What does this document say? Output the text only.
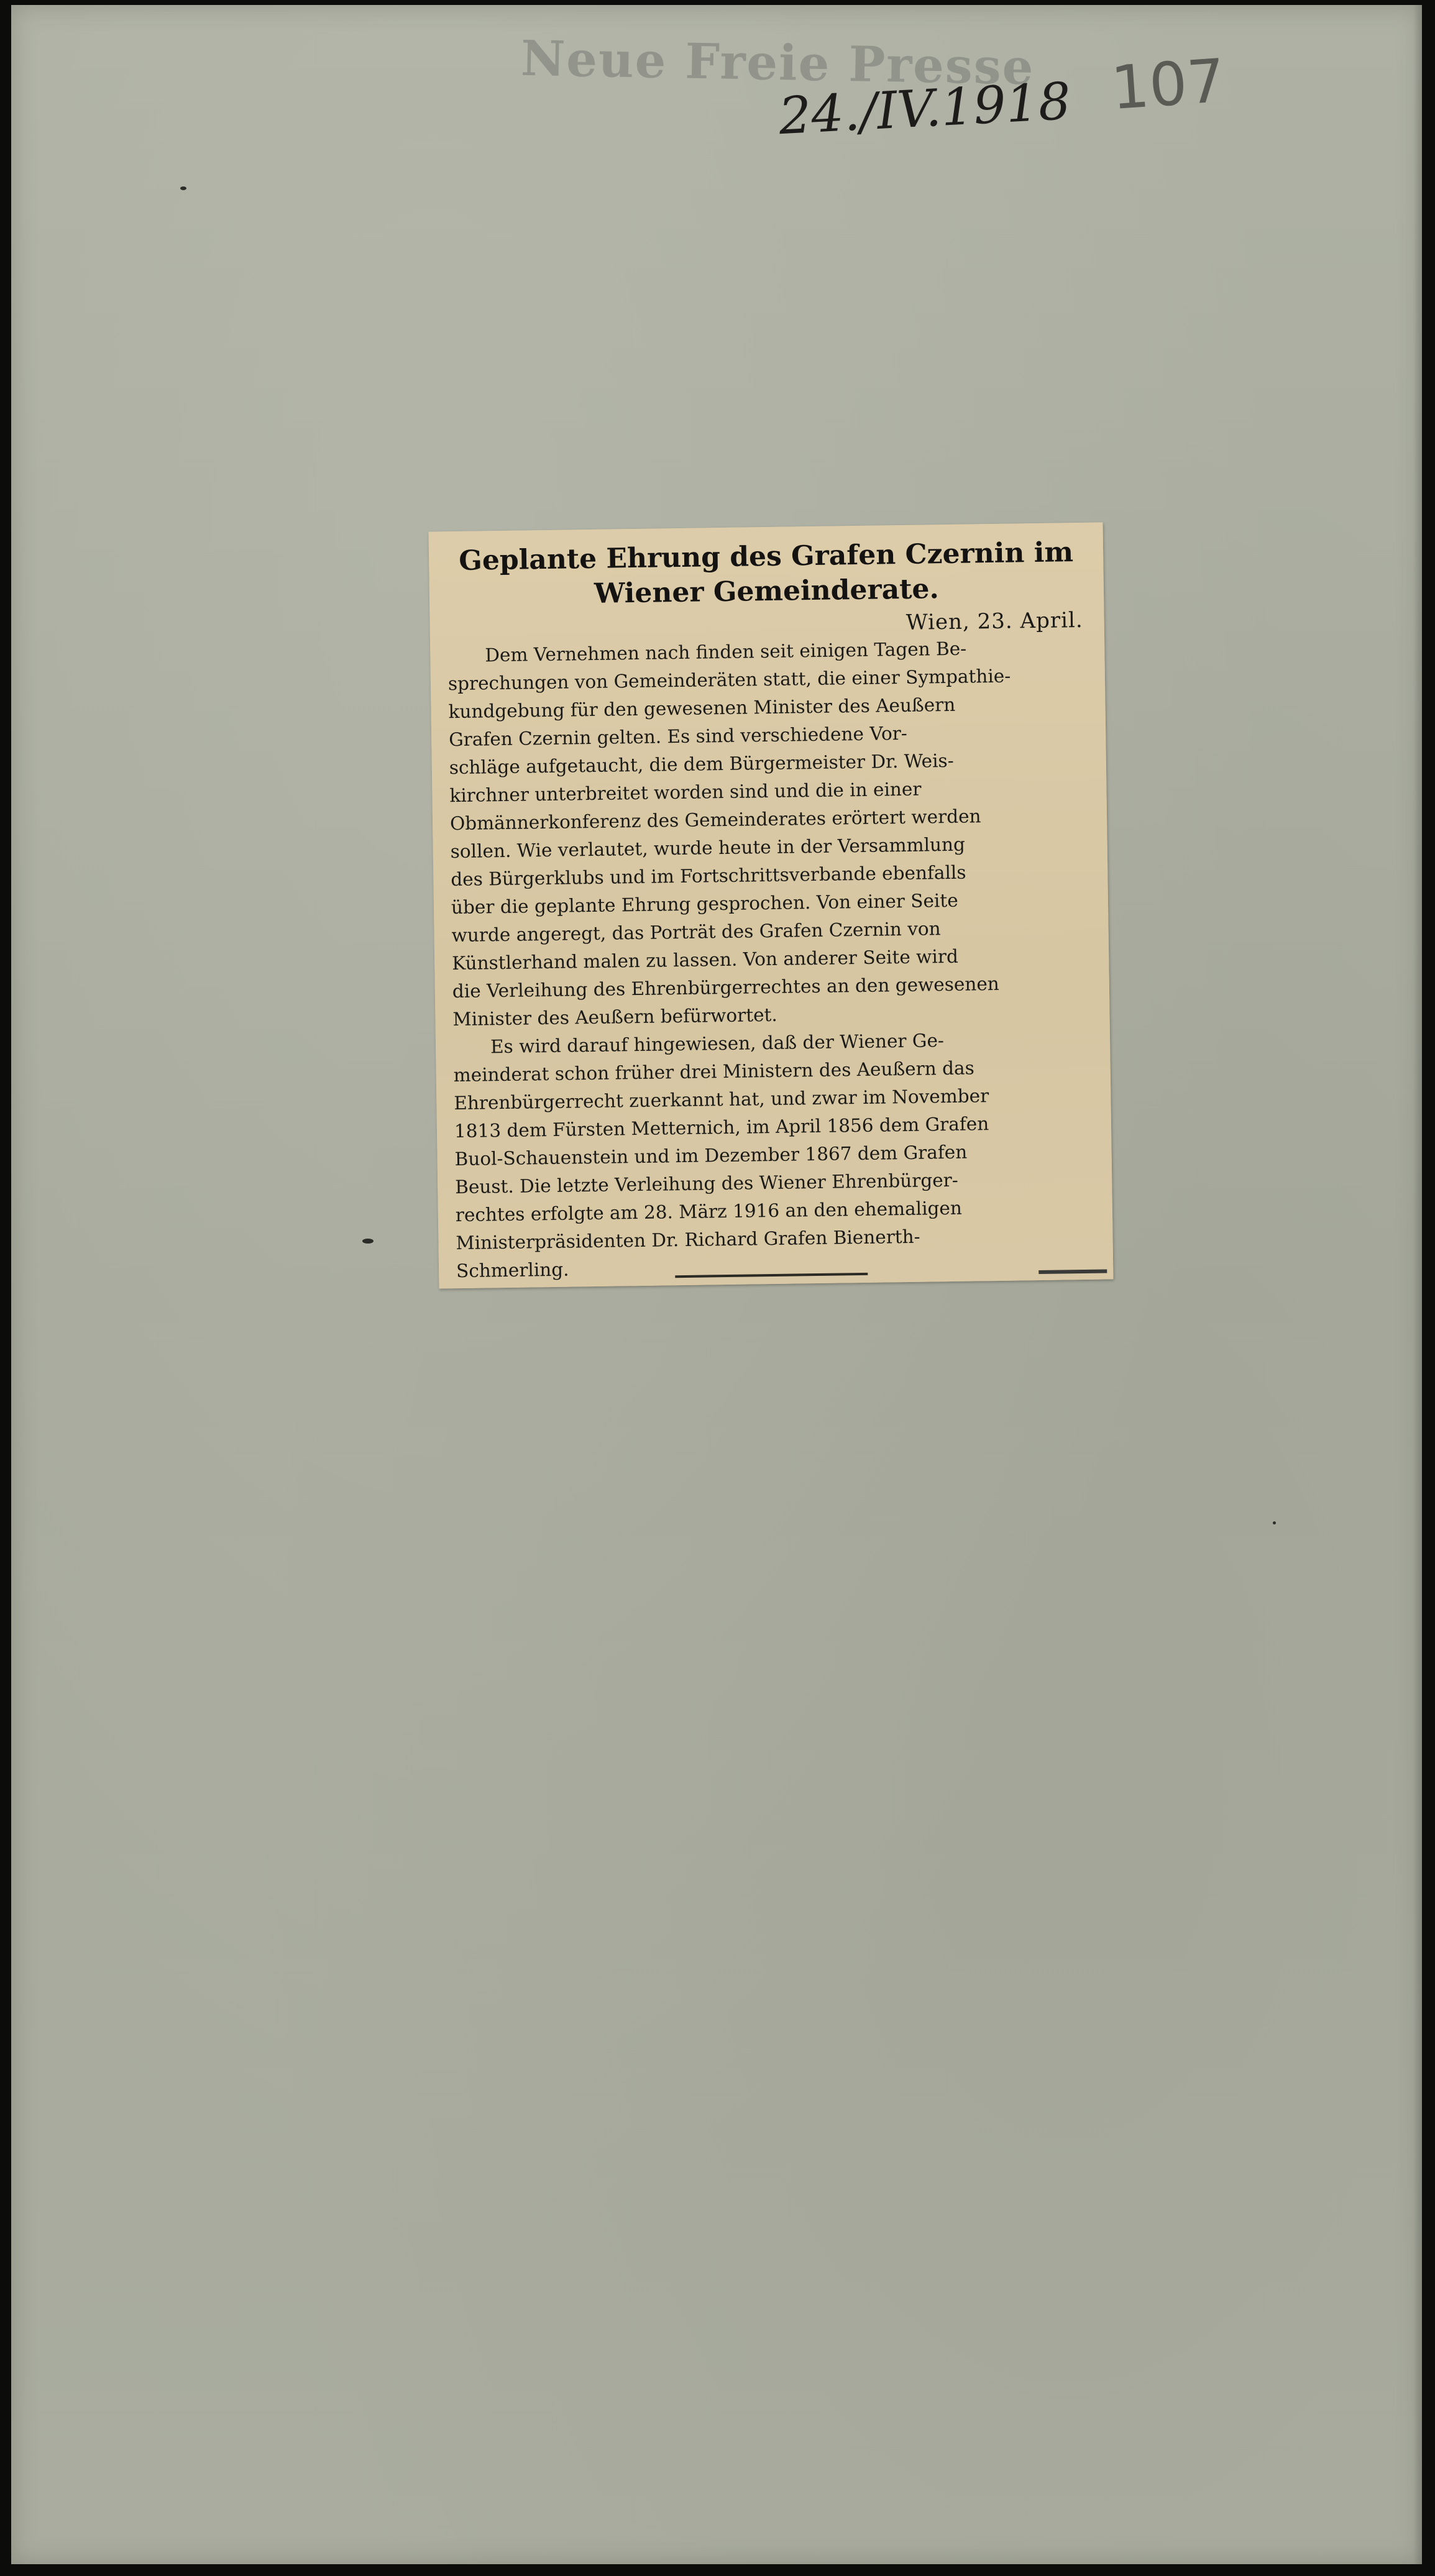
Neue Freie Presse
24./IV.1918 107
Geplante Ehrung des Grafen Czernin im
Wiener Gemeinderate.
Wien, 23. April.

Dem Vernehmen nach finden seit einigen Tagen Be-
sprechungen von Gemeinderäten statt, die einer Sympathie-
kundgebung für den gewesenen Minister des Aeußern
Grafen Czernin gelten. Es sind verschiedene Vor-
schläge aufgetaucht, die dem Bürgermeister Dr. Weis-
kirchner unterbreitet worden sind und die in einer
Obmännerkonferenz des Gemeinderates erörtert werden
sollen. Wie verlautet, wurde heute in der Versammlung
des Bürgerklubs und im Fortschrittsverbande ebenfalls
über die geplante Ehrung gesprochen. Von einer Seite
wurde angeregt, das Porträt des Grafen Czernin von
Künstlerhand malen zu lassen. Von anderer Seite wird
die Verleihung des Ehrenbürgerrechtes an den gewesenen
Minister des Aeußern befürwortet.

Es wird darauf hingewiesen, daß der Wiener Ge-
meinderat schon früher drei Ministern des Aeußern das
Ehrenbürgerrecht zuerkannt hat, und zwar im November
1813 dem Fürsten Metternich, im April 1856 dem Grafen
Buol-Schauenstein und im Dezember 1867 dem Grafen
Beust. Die letzte Verleihung des Wiener Ehrenbürger-
rechtes erfolgte am 28. März 1916 an den ehemaligen
Ministerpräsidenten Dr. Richard Grafen Bienerth-
Schmerling.
